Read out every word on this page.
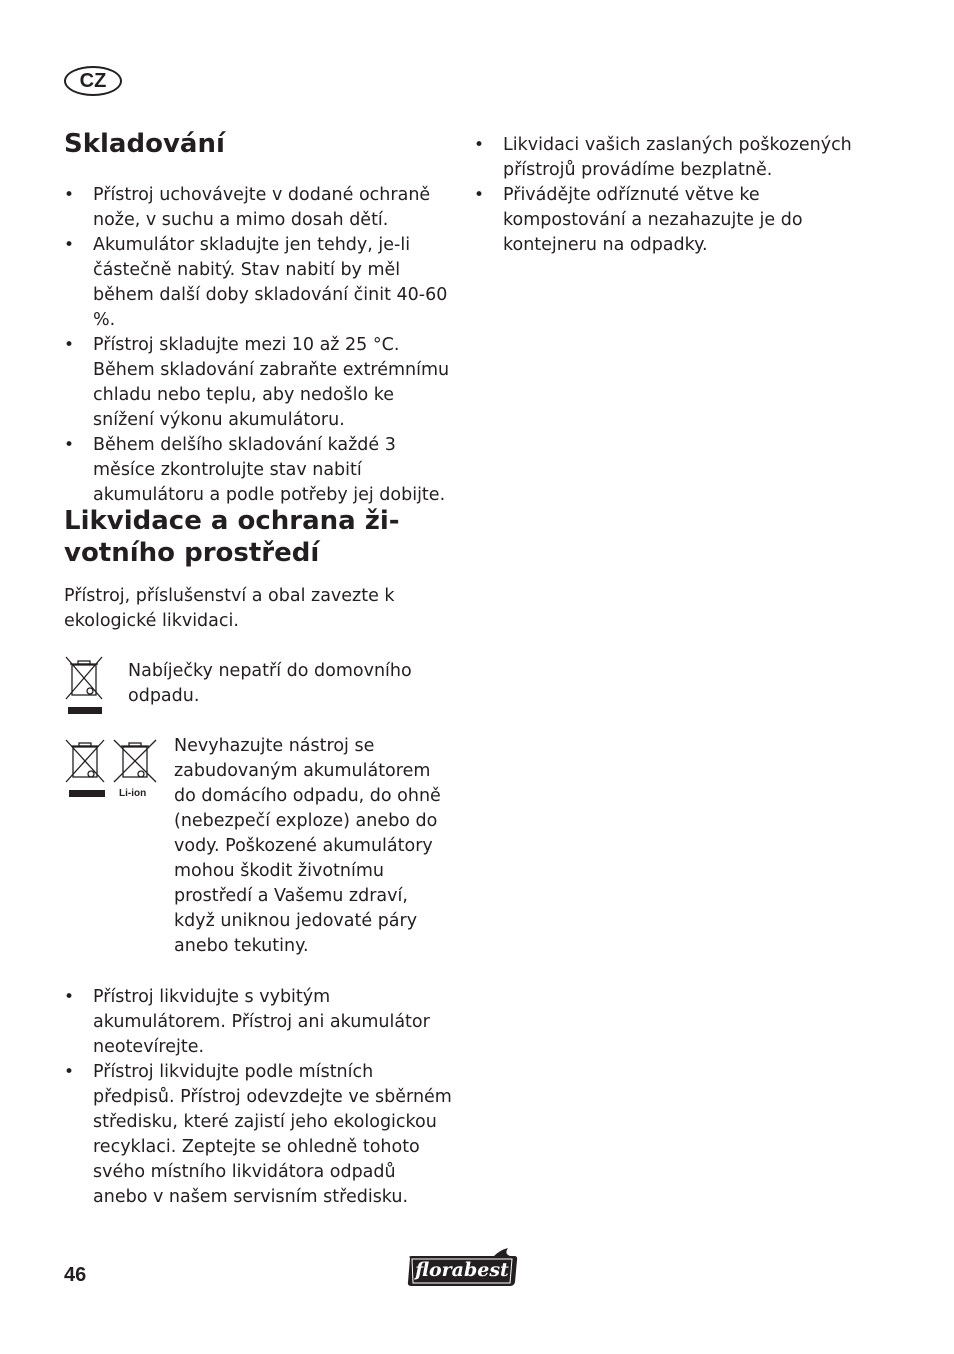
CZ
Skladování
• Přístroj uchovávejte v dodané ochraně nože, v suchu a mimo dosah dětí.
• Akumulátor skladujte jen tehdy, je-li částečně nabitý. Stav nabití by měl během další doby skladování činit 40-60 %.
• Přístroj skladujte mezi 10 až 25 °C. Během skladování zabraňte extrémnímu chladu nebo teplu, aby nedošlo ke snížení výkonu akumulátoru.
• Během delšího skladování každé 3 měsíce zkontrolujte stav nabití akumulátoru a podle potřeby jej dobijte.
Likvidace a ochrana ži-
votního prostředí

Přístroj, příslušenství a obal zavezte k ekologické likvidaci.

Nabíječky nepatří do domovního odpadu.

Li-ion

Nevyhazujte nástroj se zabudovaným akumulátorem do domácího odpadu, do ohně (nebezpečí exploze) anebo do vody. Poškozené akumulátory mohou škodit životnímu prostředí a Vašemu zdraví, když uniknou jedovaté páry anebo tekutiny.

• Přístroj likvidujte s vybitým akumulátorem. Přístroj ani akumulátor neotevírejte.
• Přístroj likvidujte podle místních předpisů. Přístroj odevzdejte ve sběrném středisku, které zajistí jeho ekologickou recyklaci. Zeptejte se ohledně tohoto svého místního likvidátora odpadů anebo v našem servisním středisku.
• Likvidaci vašich zaslaných poškozených přístrojů provádíme bezplatně.
• Přivádějte odříznuté větve ke kompostování a nezahazujte je do kontejneru na odpadky.
46	florabest
